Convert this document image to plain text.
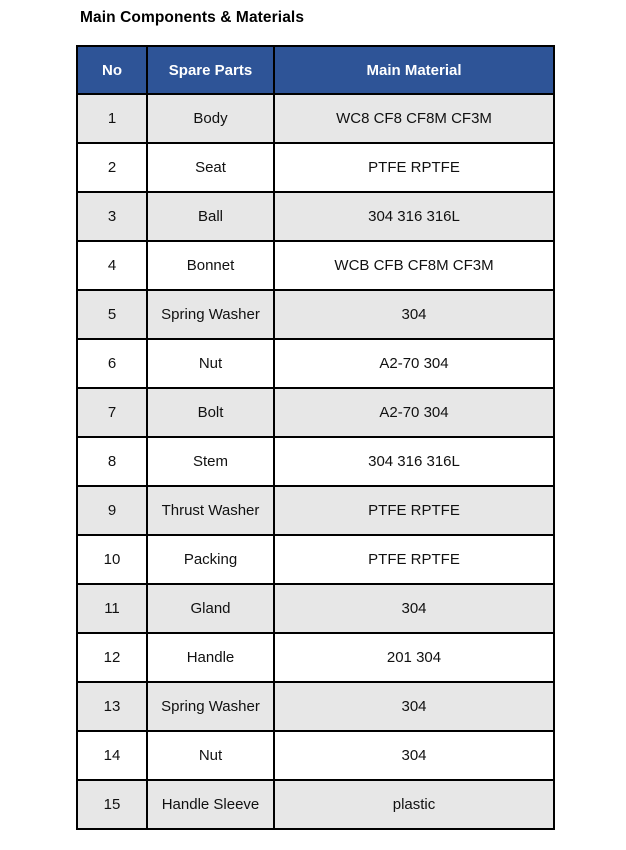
Main Components & Materials
No	Spare Parts	Main Material
1	Body	WC8 CF8 CF8M CF3M
2	Seat	PTFE RPTFE
3	Ball	304 316 316L
4	Bonnet	WCB CFB CF8M CF3M
5	Spring Washer	304
6	Nut	A2-70 304
7	Bolt	A2-70 304
8	Stem	304 316 316L
9	Thrust Washer	PTFE RPTFE
10	Packing	PTFE RPTFE
11	Gland	304
12	Handle	201 304
13	Spring Washer	304
14	Nut	304
15	Handle Sleeve	plastic
